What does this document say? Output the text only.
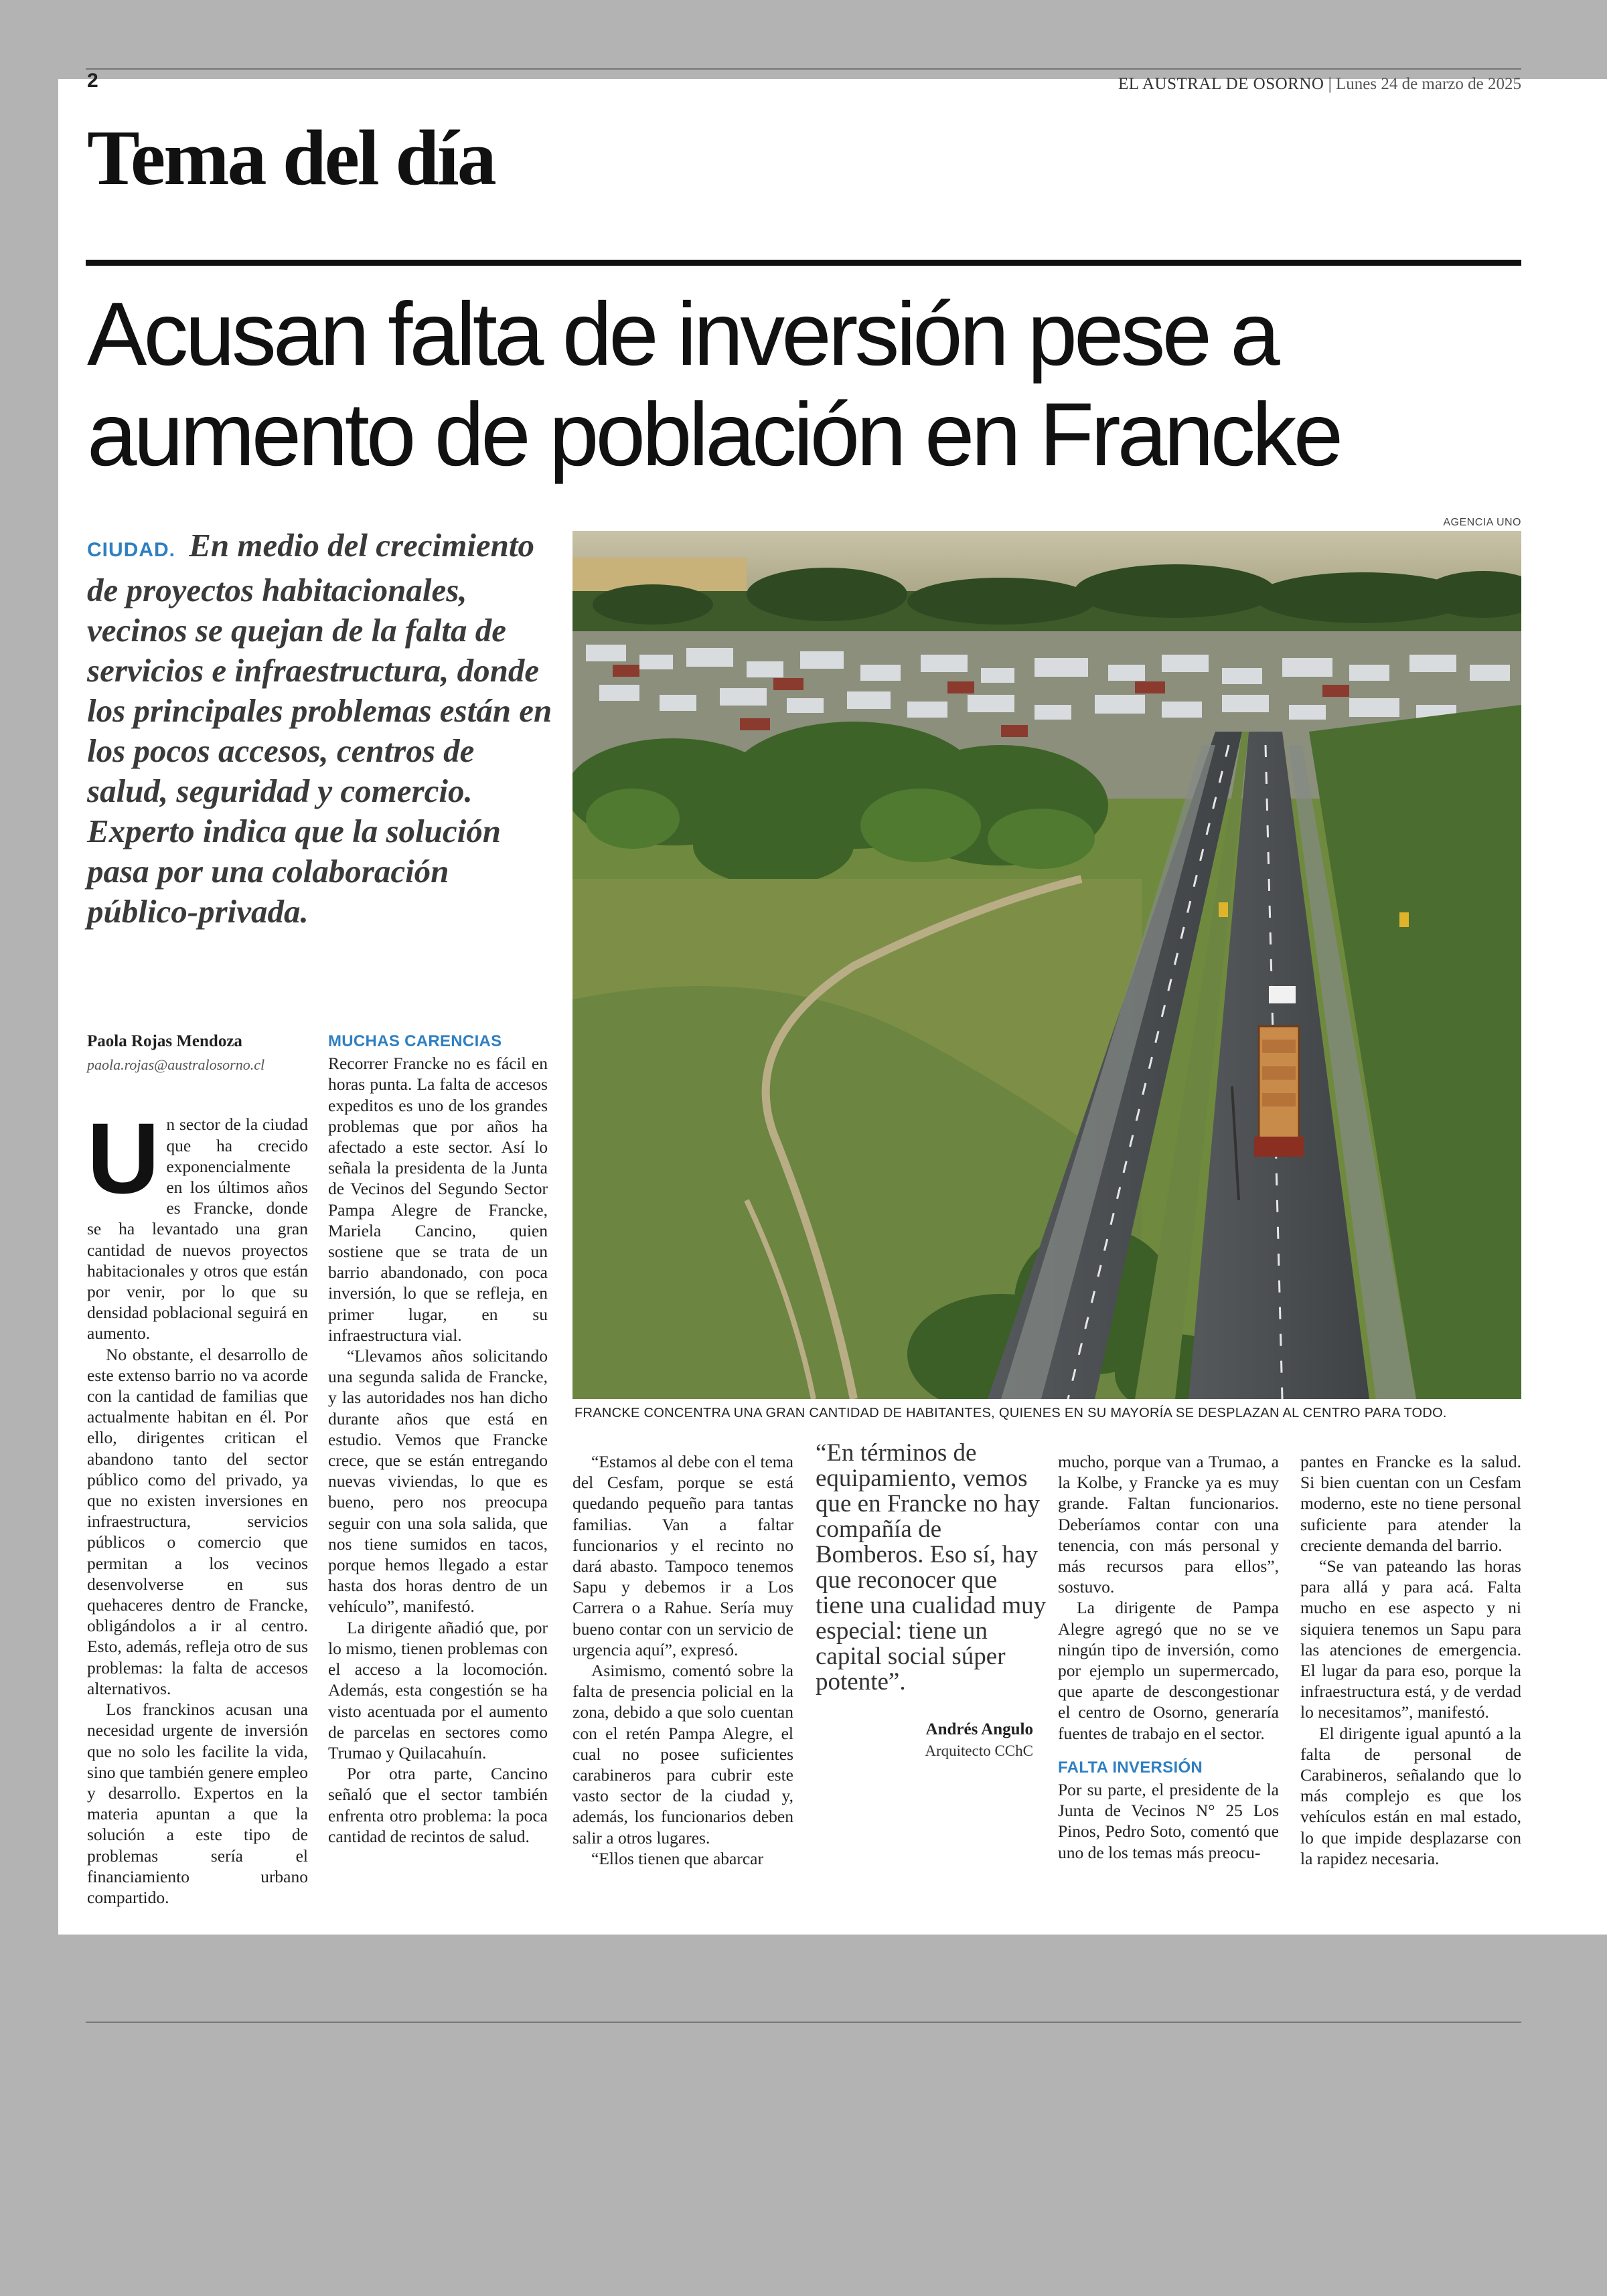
2	EL AUSTRAL DE OSORNO | Lunes 24 de marzo de 2025
Tema del día
Acusan falta de inversión pese a aumento de población en Francke
CIUDAD. En medio del crecimiento de proyectos habitacionales, vecinos se quejan de la falta de servicios e infraestructura, donde los principales problemas están en los pocos accesos, centros de salud, seguridad y comercio. Experto indica que la solución pasa por una colaboración público-privada.
AGENCIA UNO
FRANCKE CONCENTRA UNA GRAN CANTIDAD DE HABITANTES, QUIENES EN SU MAYORÍA SE DESPLAZAN AL CENTRO PARA TODO.
Paola Rojas Mendoza
paola.rojas@australosorno.cl
U n sector de la ciudad que ha crecido exponencialmente en los últimos años es Francke, donde se ha levantado una gran cantidad de nuevos proyectos habitacionales y otros que están por venir, por lo que su densidad poblacional seguirá en aumento.

No obstante, el desarrollo de este extenso barrio no va acorde con la cantidad de familias que actualmente habitan en él. Por ello, dirigentes critican el abandono tanto del sector público como del privado, ya que no existen inversiones en infraestructura, servicios públicos o comercio que permitan a los vecinos desenvolverse en sus quehaceres dentro de Francke, obligándolos a ir al centro. Esto, además, refleja otro de sus problemas: la falta de accesos alternativos.

Los franckinos acusan una necesidad urgente de inversión que no solo les facilite la vida, sino que también genere empleo y desarrollo. Expertos en la materia apuntan a que la solución a este tipo de problemas sería el financiamiento urbano compartido.

MUCHAS CARENCIAS

Recorrer Francke no es fácil en horas punta. La falta de accesos expeditos es uno de los grandes problemas que por años ha afectado a este sector. Así lo señala la presidenta de la Junta de Vecinos del Segundo Sector Pampa Alegre de Francke, Mariela Cancino, quien sostiene que se trata de un barrio abandonado, con poca inversión, lo que se refleja, en primer lugar, en su infraestructura vial.

“Llevamos años solicitando una segunda salida de Francke, y las autoridades nos han dicho durante años que está en estudio. Vemos que Francke crece, que se están entregando nuevas viviendas, lo que es bueno, pero nos preocupa seguir con una sola salida, que nos tiene sumidos en tacos, porque hemos llegado a estar hasta dos horas dentro de un vehículo”, manifestó.

La dirigente añadió que, por lo mismo, tienen problemas con el acceso a la locomoción. Además, esta congestión se ha visto acentuada por el aumento de parcelas en sectores como Trumao y Quilacahuín.

Por otra parte, Cancino señaló que el sector también enfrenta otro problema: la poca cantidad de recintos de salud.

“Estamos al debe con el tema del Cesfam, porque se está quedando pequeño para tantas familias. Van a faltar funcionarios y el recinto no dará abasto. Tampoco tenemos Sapu y debemos ir a Los Carrera o a Rahue. Sería muy bueno contar con un servicio de urgencia aquí”, expresó.

Asimismo, comentó sobre la falta de presencia policial en la zona, debido a que solo cuentan con el retén Pampa Alegre, el cual no posee suficientes carabineros para cubrir este vasto sector de la ciudad y, además, los funcionarios deben salir a otros lugares.

“Ellos tienen que abarcar

“En términos de equipamiento, vemos que en Francke no hay compañía de Bomberos. Eso sí, hay que reconocer que tiene una cualidad muy especial: tiene un capital social súper potente”.
Andrés Angulo
Arquitecto CChC

mucho, porque van a Trumao, a la Kolbe, y Francke ya es muy grande. Faltan funcionarios. Deberíamos contar con una tenencia, con más personal y más recursos para ellos”, sostuvo.

La dirigente de Pampa Alegre agregó que no se ve ningún tipo de inversión, como por ejemplo un supermercado, que aparte de descongestionar el centro de Osorno, generaría fuentes de trabajo en el sector.

FALTA INVERSIÓN

Por su parte, el presidente de la Junta de Vecinos N° 25 Los Pinos, Pedro Soto, comentó que uno de los temas más preocu-

pantes en Francke es la salud. Si bien cuentan con un Cesfam moderno, este no tiene personal suficiente para atender la creciente demanda del barrio.

“Se van pateando las horas para allá y para acá. Falta mucho en ese aspecto y ni siquiera tenemos un Sapu para las atenciones de emergencia. El lugar da para eso, porque la infraestructura está, y de verdad lo necesitamos”, manifestó.

El dirigente igual apuntó a la falta de personal de Carabineros, señalando que lo más complejo es que los vehículos están en mal estado, lo que impide desplazarse con la rapidez necesaria.
